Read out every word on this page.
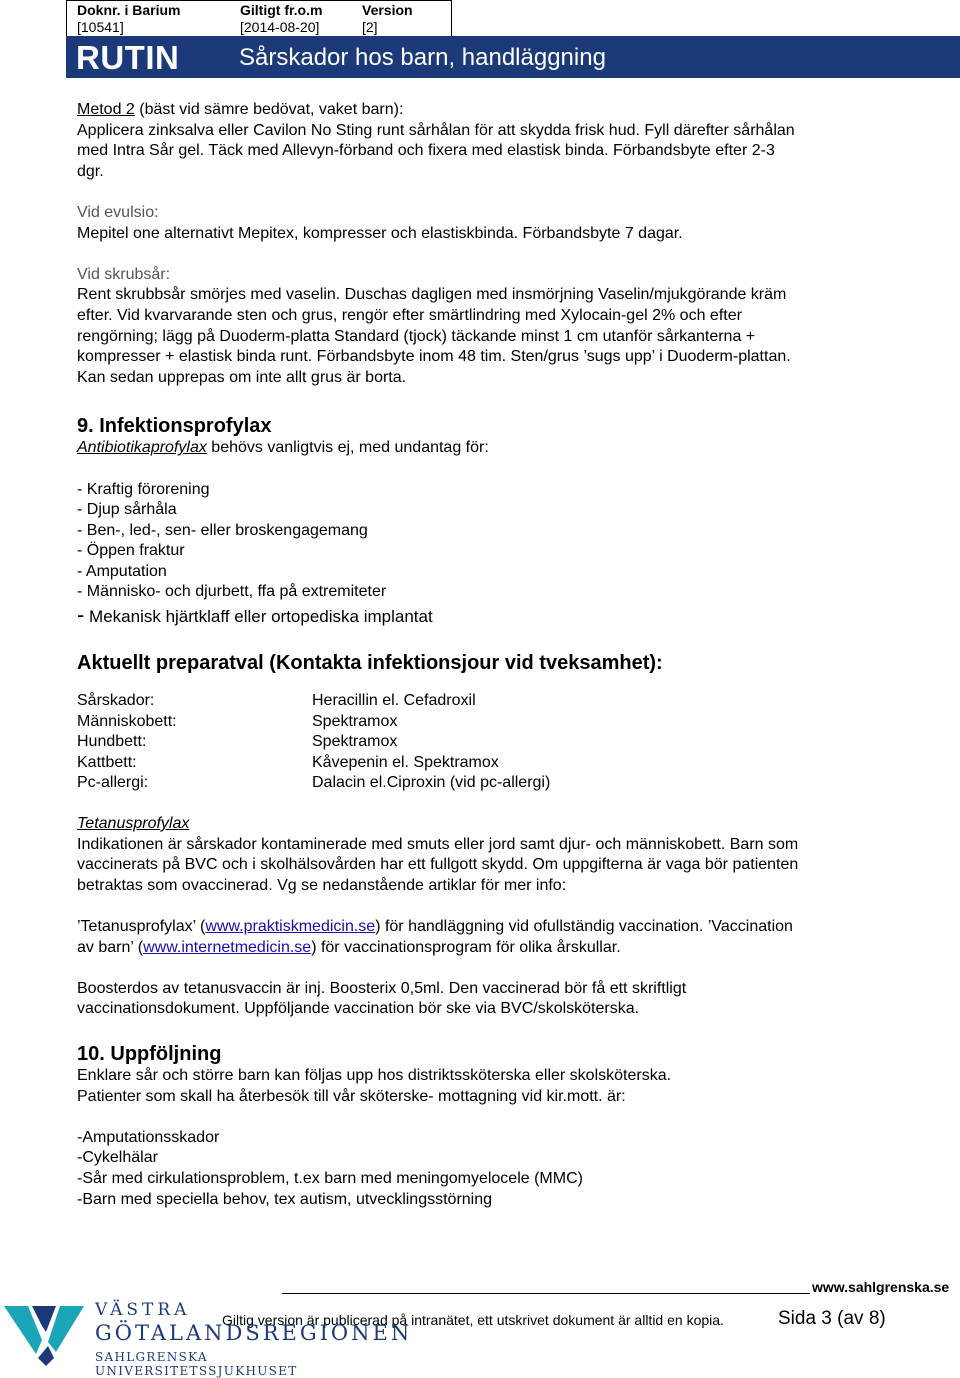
Doknr. i Barium
[10541]
Giltigt fr.o.m
[2014-08-20]
Version
[2]
RUTIN Sårskador hos barn, handläggning

Metod 2 (bäst vid sämre bedövat, vaket barn):

Applicera zinksalva eller Cavilon No Sting runt sårhålan för att skydda frisk hud. Fyll därefter sårhålan

med Intra Sår gel. Täck med Allevyn-förband och fixera med elastisk binda. Förbandsbyte efter 2-3

dgr.

Vid evulsio:

Mepitel one alternativt Mepitex, kompresser och elastiskbinda. Förbandsbyte 7 dagar.

Vid skrubsår:

Rent skrubbsår smörjes med vaselin. Duschas dagligen med insmörjning Vaselin/mjukgörande kräm

efter. Vid kvarvarande sten och grus, rengör efter smärtlindring med Xylocain-gel 2% och efter

rengörning; lägg på Duoderm-platta Standard (tjock) täckande minst 1 cm utanför sårkanterna +

kompresser + elastisk binda runt. Förbandsbyte inom 48 tim. Sten/grus ’sugs upp’ i Duoderm-plattan.

Kan sedan upprepas om inte allt grus är borta.

9. Infektionsprofylax

Antibiotikaprofylax behövs vanligtvis ej, med undantag för:

- Kraftig förorening

- Djup sårhåla

- Ben-, led-, sen- eller broskengagemang

- Öppen fraktur

- Amputation

- Människo- och djurbett, ffa på extremiteter

- Mekanisk hjärtklaff eller ortopediska implantat

Aktuellt preparatval (Kontakta infektionsjour vid tveksamhet):
Sårskador:	Heracillin el. Cefadroxil
Människobett:	Spektramox
Hundbett:	Spektramox
Kattbett:	Kåvepenin el. Spektramox
Pc-allergi:	Dalacin el.Ciproxin (vid pc-allergi)

Tetanusprofylax

Indikationen är sårskador kontaminerade med smuts eller jord samt djur- och människobett. Barn som

vaccinerats på BVC och i skolhälsovården har ett fullgott skydd. Om uppgifterna är vaga bör patienten

betraktas som ovaccinerad. Vg se nedanstående artiklar för mer info:

’Tetanusprofylax’ (www.praktiskmedicin.se) för handläggning vid ofullständig vaccination. ’Vaccination

av barn’ (www.internetmedicin.se) för vaccinationsprogram för olika årskullar.

Boosterdos av tetanusvaccin är inj. Boosterix 0,5ml. Den vaccinerad bör få ett skriftligt

vaccinationsdokument. Uppföljande vaccination bör ske via BVC/skolsköterska.

10. Uppföljning

Enklare sår och större barn kan följas upp hos distriktssköterska eller skolsköterska.

Patienter som skall ha återbesök till vår sköterske- mottagning vid kir.mott. är:

-Amputationsskador

-Cykelhälar

-Sår med cirkulationsproblem, t.ex barn med meningomyelocele (MMC)

-Barn med speciella behov, tex autism, utvecklingsstörning

www.sahlgrenska.se
Giltig version är publicerad på intranätet, ett utskrivet dokument är alltid en kopia.	Sida 3 (av 8)
VÄSTRA
GÖTALANDSREGIONEN
SAHLGRENSKA UNIVERSITETSSJUKHUSET
